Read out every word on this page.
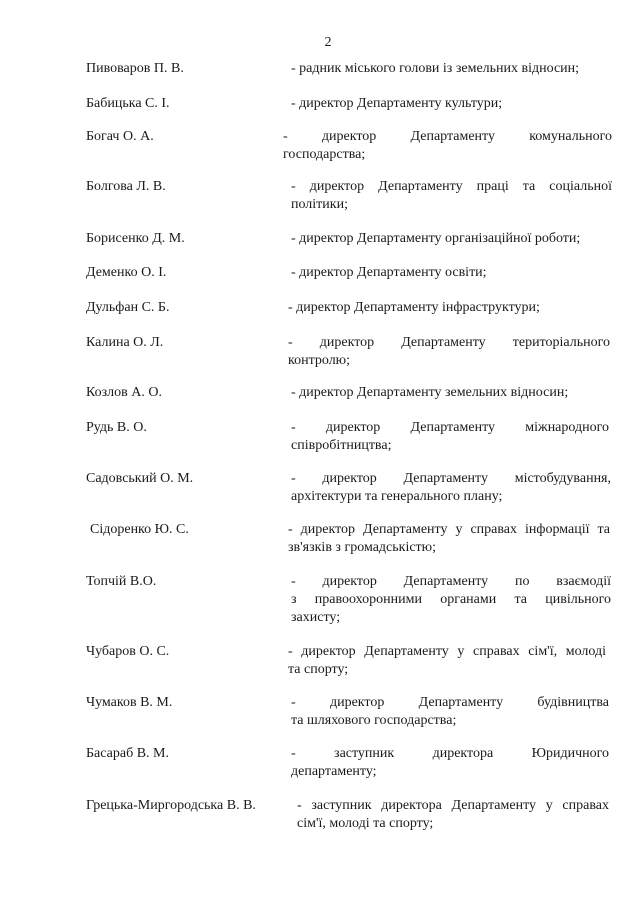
2
Пивоваров П. В.	- радник міського голови із земельних відносин;
Бабицька С. І.	- директор Департаменту культури;
Богач О. А.	- директор Департаменту комунального
господарства;
Болгова Л. В.	- директор Департаменту праці та соціальної
політики;
Борисенко Д. М.	- директор Департаменту організаційної роботи;
Деменко О. І.	- директор Департаменту освіти;
Дульфан С. Б.	- директор Департаменту інфраструктури;
Калина О. Л.	- директор Департаменту територіального
контролю;
Козлов А. О.	- директор Департаменту земельних відносин;
Рудь В. О.	- директор Департаменту міжнародного
співробітництва;
Садовський О. М.	- директор Департаменту містобудування,
архітектури та генерального плану;
Сідоренко Ю. С.	- директор Департаменту у справах інформації та
зв'язків з громадськістю;
Топчій В.О.	- директор Департаменту по взаємодії
з правоохоронними органами та цивільного
захисту;
Чубаров О. С.	- директор Департаменту у справах сім'ї, молоді
та спорту;
Чумаков В. М.	- директор Департаменту будівництва
та шляхового господарства;
Басараб В. М.	- заступник директора Юридичного
департаменту;
Грецька-Миргородська В. В.	- заступник директора Департаменту у справах
сім'ї, молоді та спорту;
